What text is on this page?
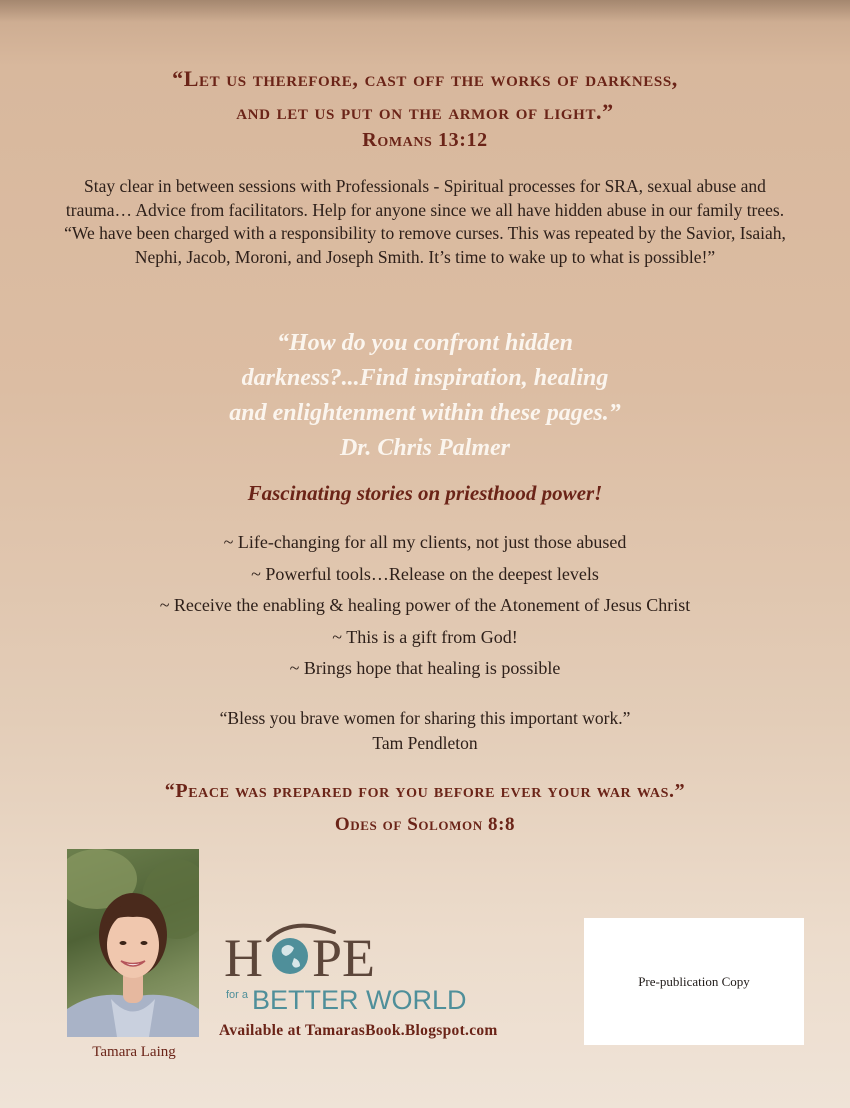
“Let us therefore, cast off the works of darkness,
and let us put on the armor of light.”
Romans 13:12
Stay clear in between sessions with Professionals - Spiritual processes for SRA, sexual abuse and trauma… Advice from facilitators. Help for anyone since we all have hidden abuse in our family trees. “We have been charged with a responsibility to remove curses. This was repeated by the Savior, Isaiah, Nephi, Jacob, Moroni, and Joseph Smith. It’s time to wake up to what is possible!”
“How do you confront hidden
darkness?...Find inspiration, healing
and enlightenment within these pages.”
Dr. Chris Palmer
Fascinating stories on priesthood power!
~ Life-changing for all my clients, not just those abused
~ Powerful tools…Release on the deepest levels
~ Receive the enabling & healing power of the Atonement of Jesus Christ
~ This is a gift from God!
~ Brings hope that healing is possible
“Bless you brave women for sharing this important work.”
Tam Pendleton
“Peace was prepared for you before ever your war was.”
Odes of Solomon 8:8
Tamara Laing
H PE
for a BETTER WORLD
Available at TamarasBook.Blogspot.com
Pre-publication Copy
